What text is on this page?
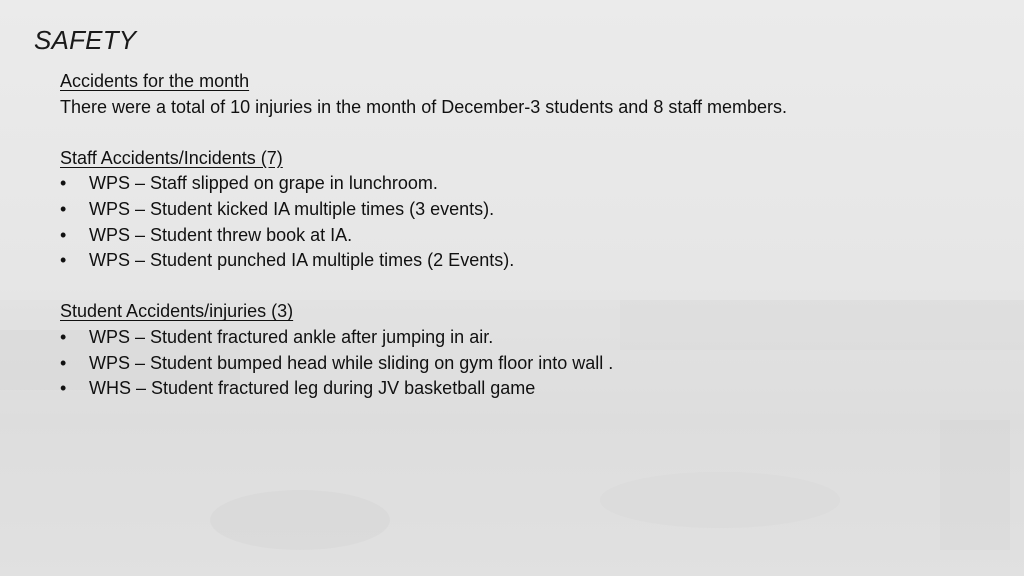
SAFETY
Accidents for the month
There were a total of 10 injuries in the month of December-3 students and 8 staff members.
Staff Accidents/Incidents (7)
• WPS – Staff slipped on grape in lunchroom.
• WPS – Student kicked IA multiple times (3 events).
• WPS – Student threw book at IA.
• WPS – Student punched IA multiple times (2 Events).
Student Accidents/injuries (3)
• WPS – Student fractured ankle after jumping in air.
• WPS – Student bumped head while sliding on gym floor into wall .
• WHS – Student fractured leg during JV basketball game
